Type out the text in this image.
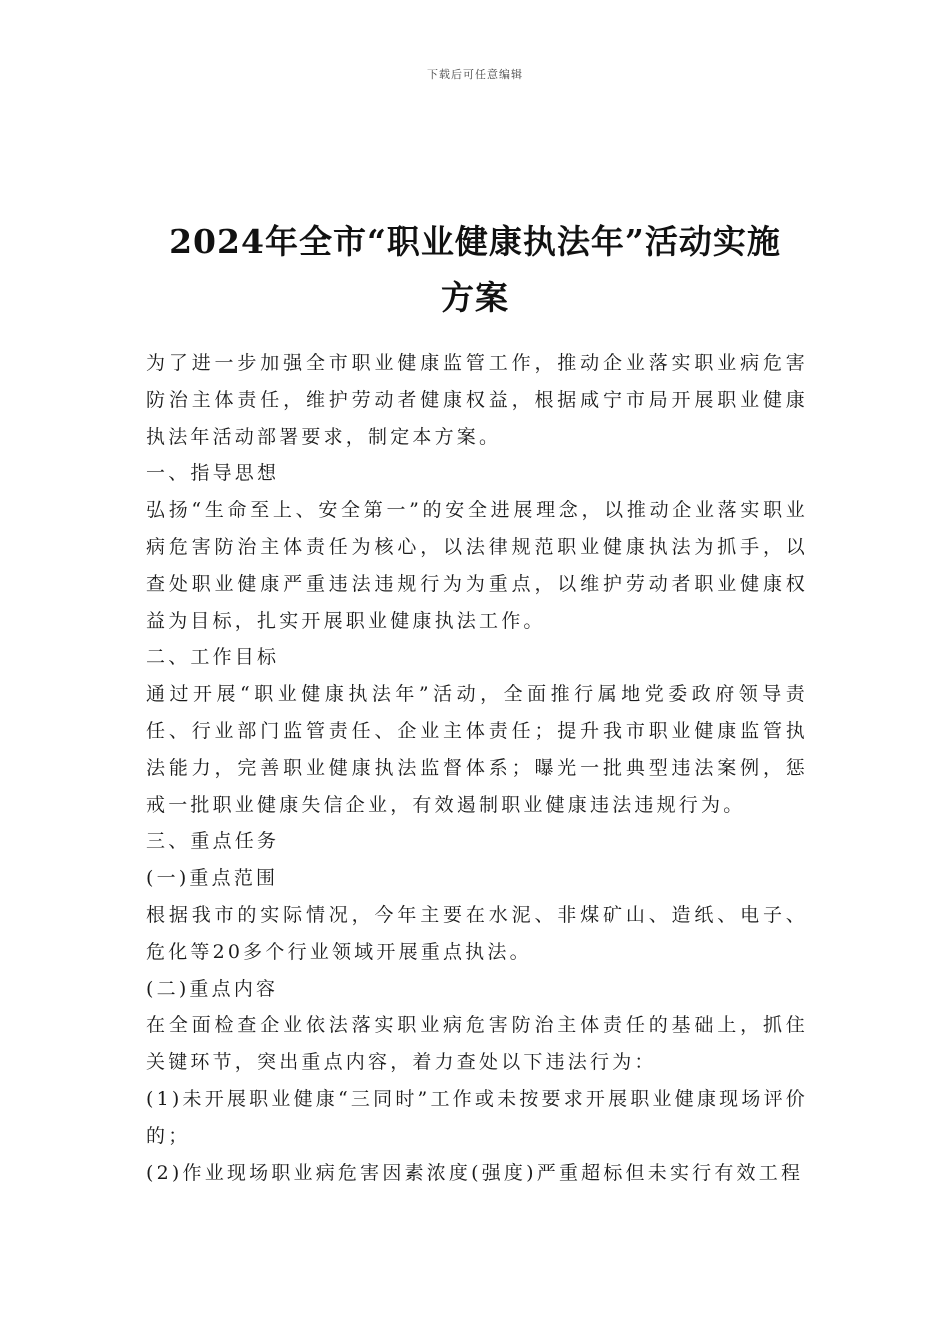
下载后可任意编辑
2024年全市“职业健康执法年”活动实施
方案

为了进一步加强全市职业健康监管工作，推动企业落实职业病危害防治主体责任，维护劳动者健康权益，根据咸宁市局开展职业健康执法年活动部署要求，制定本方案。

一、指导思想

弘扬“生命至上、安全第一”的安全进展理念，以推动企业落实职业病危害防治主体责任为核心，以法律规范职业健康执法为抓手，以查处职业健康严重违法违规行为为重点，以维护劳动者职业健康权益为目标，扎实开展职业健康执法工作。

二、工作目标

通过开展“职业健康执法年”活动，全面推行属地党委政府领导责任、行业部门监管责任、企业主体责任；提升我市职业健康监管执法能力，完善职业健康执法监督体系；曝光一批典型违法案例，惩戒一批职业健康失信企业，有效遏制职业健康违法违规行为。

三、重点任务

(一)重点范围

根据我市的实际情况，今年主要在水泥、非煤矿山、造纸、电子、危化等20多个行业领域开展重点执法。

(二)重点内容

在全面检查企业依法落实职业病危害防治主体责任的基础上，抓住关键环节，突出重点内容，着力查处以下违法行为：

(1)未开展职业健康“三同时”工作或未按要求开展职业健康现场评价的；

(2)作业现场职业病危害因素浓度(强度)严重超标但未实行有效工程
